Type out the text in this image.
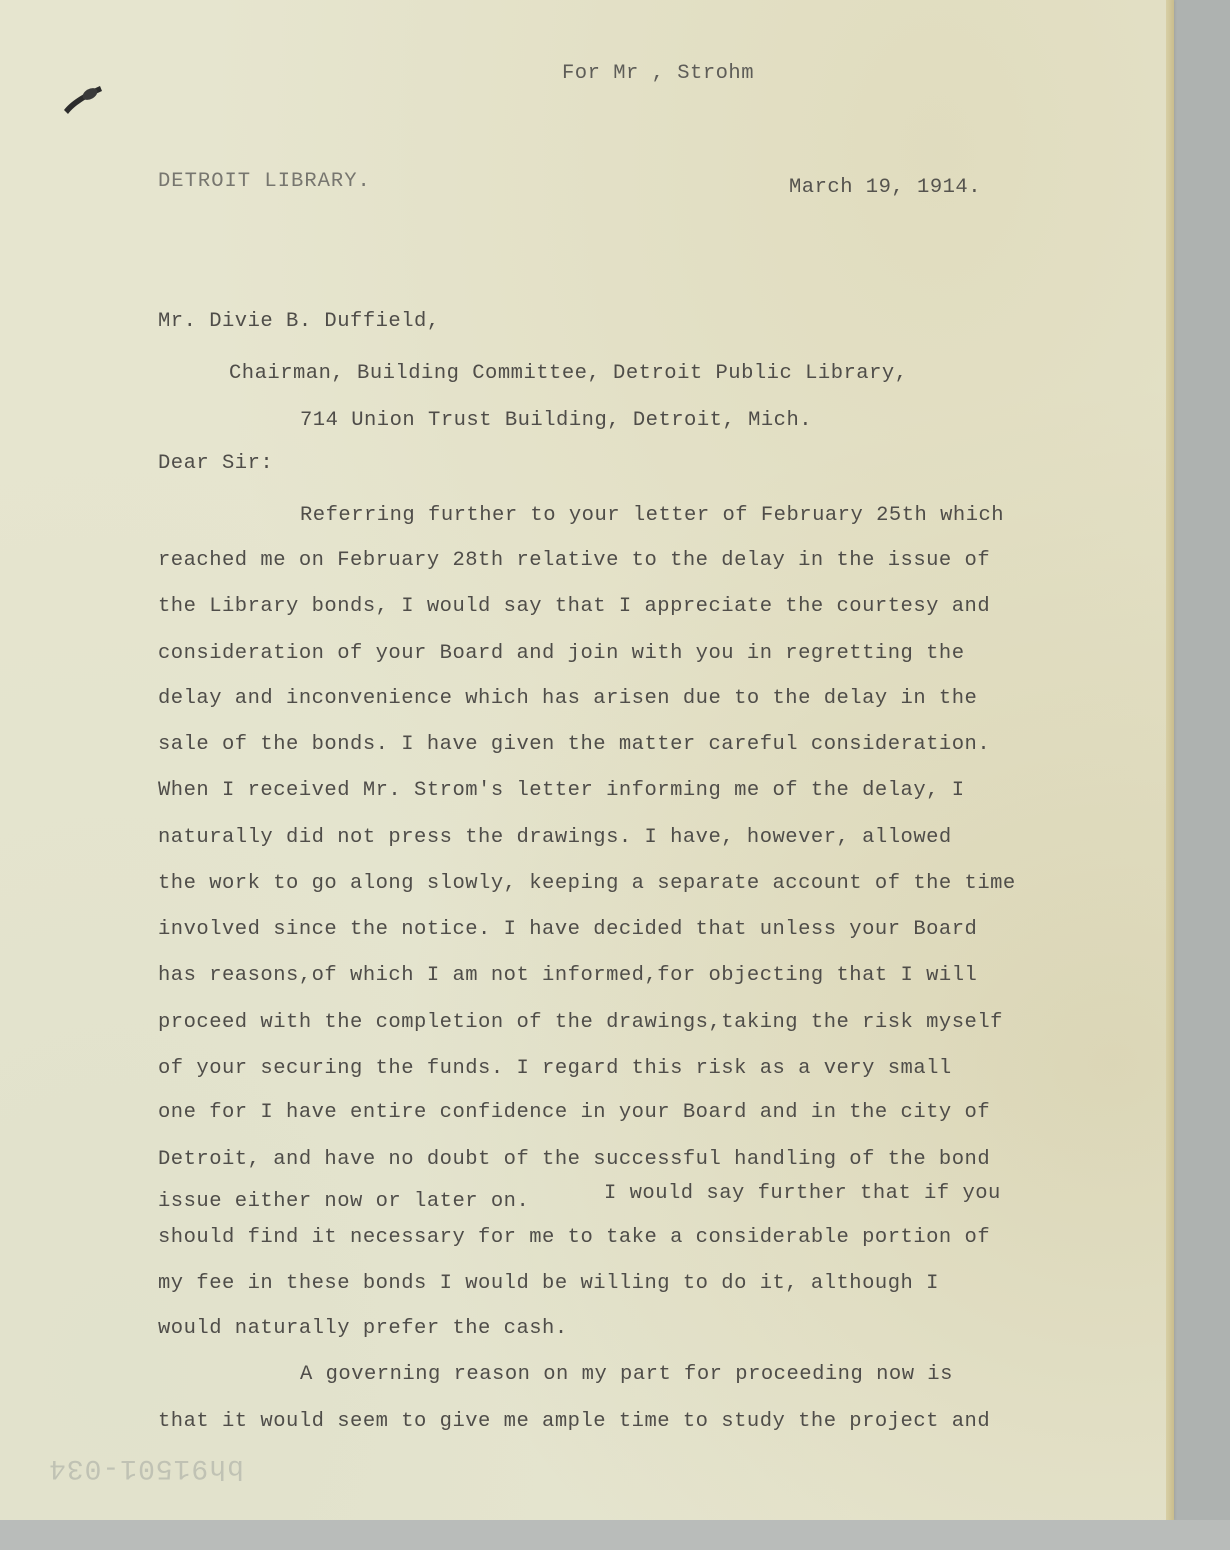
For Mr , Strohm
DETROIT LIBRARY.	March 19, 1914.
Mr. Divie B. Duffield,
Chairman, Building Committee, Detroit Public Library,
714 Union Trust Building, Detroit, Mich.
Dear Sir:
Referring further to your letter of February 25th which
reached me on February 28th relative to the delay in the issue of
the Library bonds, I would say that I appreciate the courtesy and
consideration of your Board and join with you in regretting the
delay and inconvenience which has arisen due to the delay in the
sale of the bonds. I have given the matter careful consideration.
When I received Mr. Strom's letter informing me of the delay, I
naturally did not press the drawings. I have, however, allowed
the work to go along slowly, keeping a separate account of the time
involved since the notice. I have decided that unless your Board
has reasons,of which I am not informed,for objecting that I will
proceed with the completion of the drawings,taking the risk myself
of your securing the funds. I regard this risk as a very small
one for I have entire confidence in your Board and in the city of
Detroit, and have no doubt of the successful handling of the bond
issue either now or later on.	I would say further that if you
should find it necessary for me to take a considerable portion of
my fee in these bonds I would be willing to do it, although I
would naturally prefer the cash.
A governing reason on my part for proceeding now is
that it would seem to give me ample time to study the project and
bh91501-034
